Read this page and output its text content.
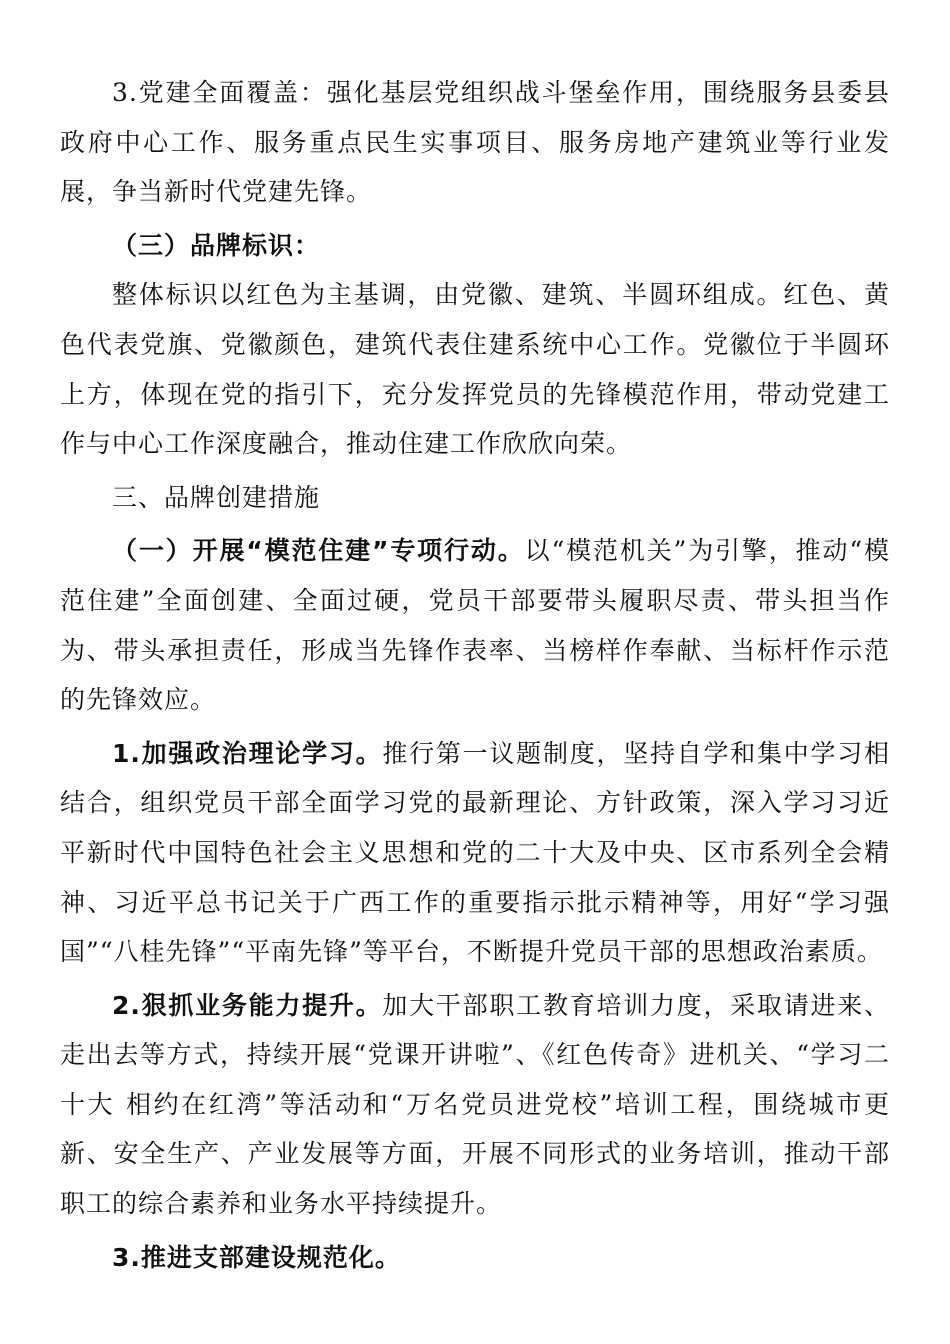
3.党建全面覆盖：强化基层党组织战斗堡垒作用，围绕服务县委县政府中心工作、服务重点民生实事项目、服务房地产建筑业等行业发展，争当新时代党建先锋。

（三）品牌标识：

整体标识以红色为主基调，由党徽、建筑、半圆环组成。红色、黄色代表党旗、党徽颜色，建筑代表住建系统中心工作。党徽位于半圆环上方，体现在党的指引下，充分发挥党员的先锋模范作用，带动党建工作与中心工作深度融合，推动住建工作欣欣向荣。

三、品牌创建措施

（一）开展“模范住建”专项行动。以“模范机关”为引擎，推动“模范住建”全面创建、全面过硬，党员干部要带头履职尽责、带头担当作为、带头承担责任，形成当先锋作表率、当榜样作奉献、当标杆作示范的先锋效应。

1.加强政治理论学习。推行第一议题制度，坚持自学和集中学习相结合，组织党员干部全面学习党的最新理论、方针政策，深入学习习近平新时代中国特色社会主义思想和党的二十大及中央、区市系列全会精神、习近平总书记关于广西工作的重要指示批示精神等，用好“学习强国”“八桂先锋”“平南先锋”等平台，不断提升党员干部的思想政治素质。

2.狠抓业务能力提升。加大干部职工教育培训力度，采取请进来、走出去等方式，持续开展“党课开讲啦”、《红色传奇》进机关、“学习二十大 相约在红湾”等活动和“万名党员进党校”培训工程，围绕城市更新、安全生产、产业发展等方面，开展不同形式的业务培训，推动干部职工的综合素养和业务水平持续提升。

3.推进支部建设规范化。
